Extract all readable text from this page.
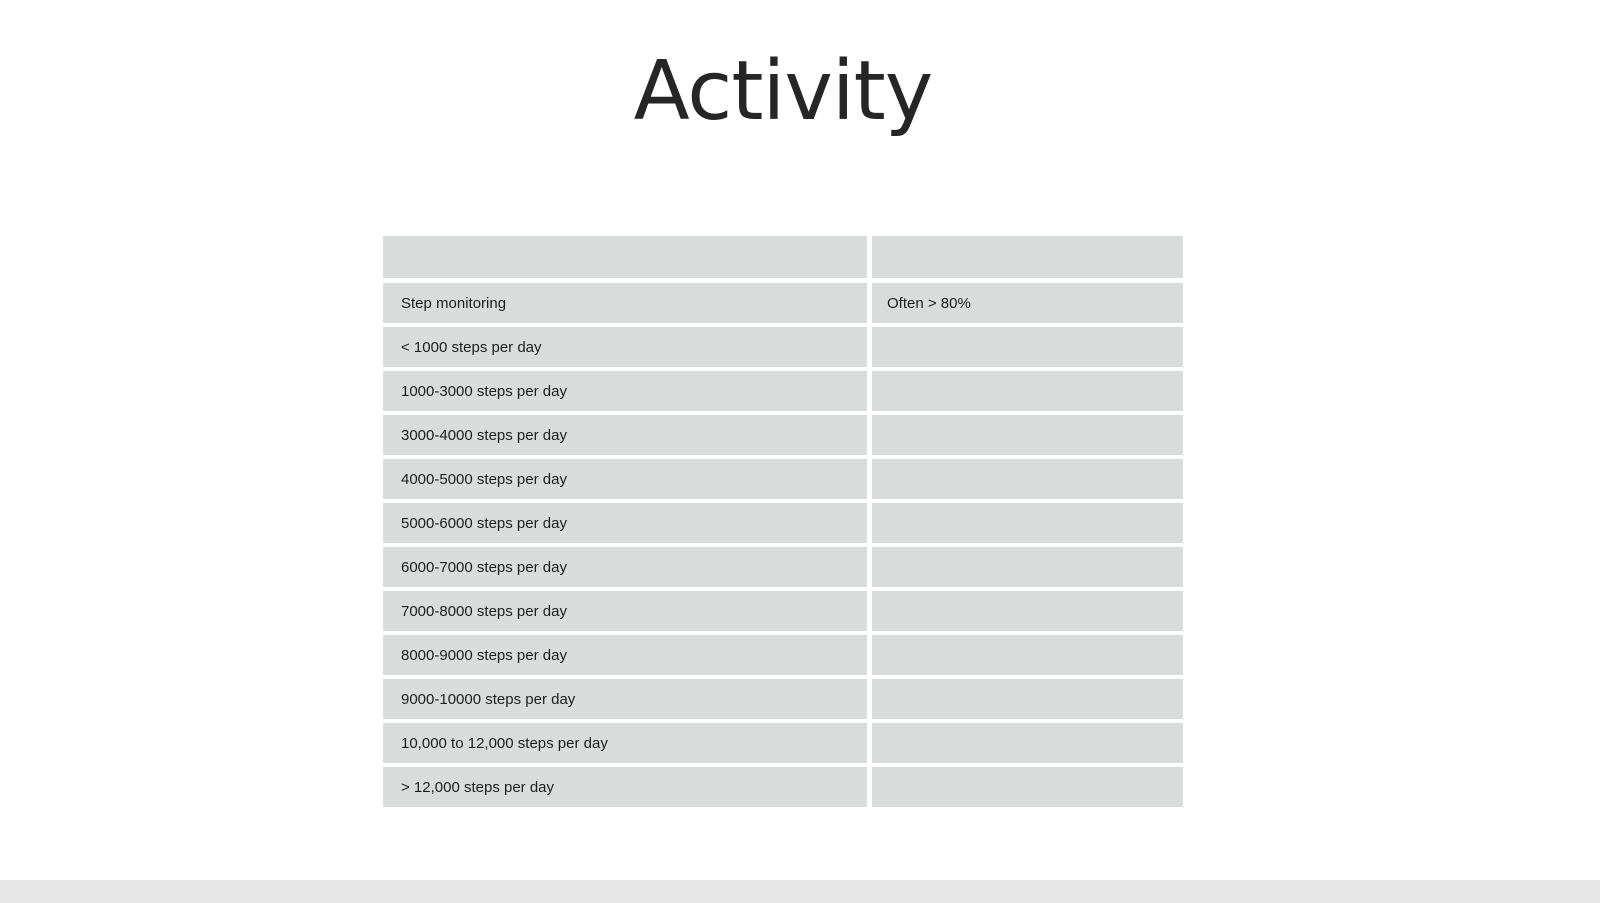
Activity
Step monitoring	Often > 80%
< 1000 steps per day
1000-3000 steps per day
3000-4000 steps per day
4000-5000 steps per day
5000-6000 steps per day
6000-7000 steps per day
7000-8000 steps per day
8000-9000 steps per day
9000-10000 steps per day
10,000 to 12,000 steps per day
> 12,000 steps per day
